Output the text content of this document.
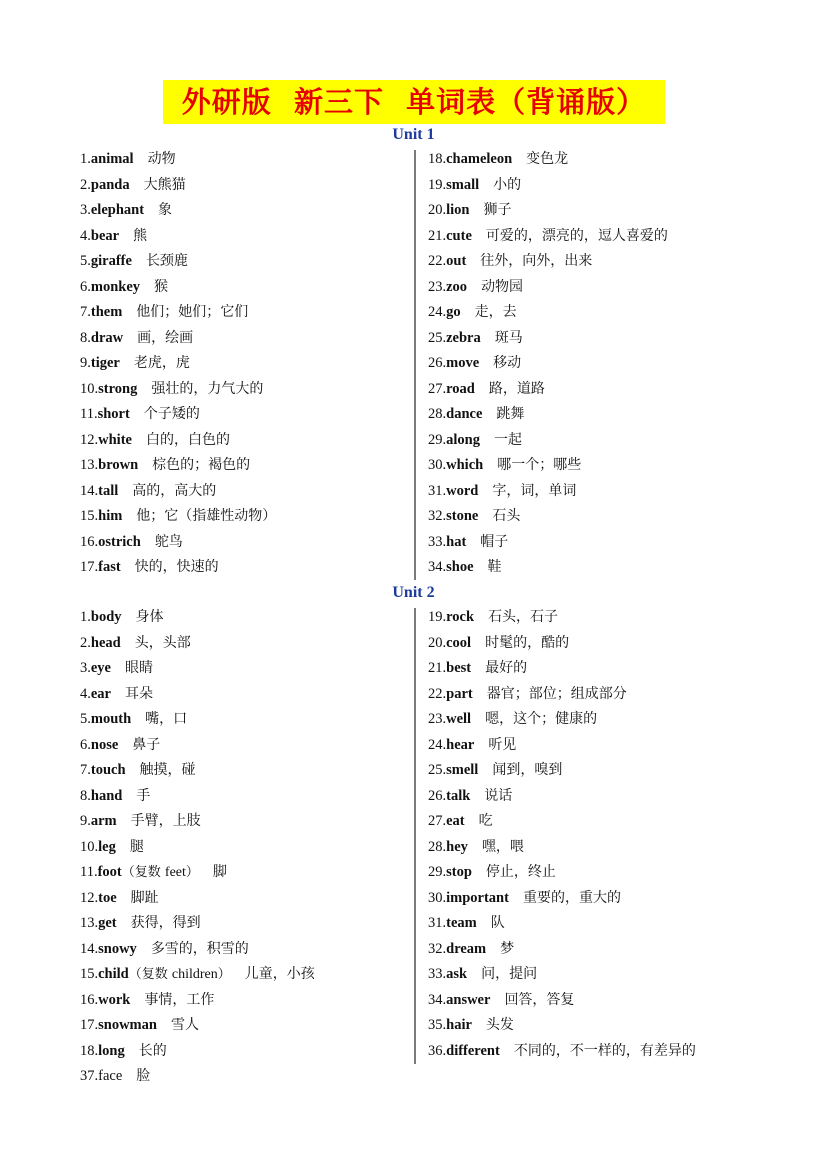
外研版  新三下  单词表（背诵版）
Unit 1
1.animal 动物
2.panda 大熊猫
3.elephant 象
4.bear 熊
5.giraffe 长颈鹿
6.monkey 猴
7.them 他们；她们；它们
8.draw 画，绘画
9.tiger 老虎，虎
10.strong 强壮的，力气大的
11.short 个子矮的
12.white 白的，白色的
13.brown 棕色的；褐色的
14.tall 高的，高大的
15.him 他；它（指雄性动物）
16.ostrich 鸵鸟
17.fast 快的，快速的
18.chameleon 变色龙
19.small 小的
20.lion 狮子
21.cute 可爱的，漂亮的，逗人喜爱的
22.out 往外，向外，出来
23.zoo 动物园
24.go 走，去
25.zebra 斑马
26.move 移动
27.road 路，道路
28.dance 跳舞
29.along 一起
30.which 哪一个；哪些
31.word 字，词，单词
32.stone 石头
33.hat 帽子
34.shoe 鞋
Unit 2
1.body 身体
2.head 头，头部
3.eye 眼睛
4.ear 耳朵
5.mouth 嘴，口
6.nose 鼻子
7.touch 触摸，碰
8.hand 手
9.arm 手臂，上肢
10.leg 腿
11.foot（复数 feet） 脚
12.toe 脚趾
13.get 获得，得到
14.snowy 多雪的，积雪的
15.child（复数 children） 儿童，小孩
16.work 事情，工作
17.snowman 雪人
18.long 长的
37.face 脸
19.rock 石头，石子
20.cool 时髦的，酷的
21.best 最好的
22.part 器官；部位；组成部分
23.well 嗯，这个；健康的
24.hear 听见
25.smell 闻到，嗅到
26.talk 说话
27.eat 吃
28.hey 嘿，喂
29.stop 停止，终止
30.important 重要的，重大的
31.team 队
32.dream 梦
33.ask 问，提问
34.answer 回答，答复
35.hair 头发
36.different 不同的，不一样的，有差异的
